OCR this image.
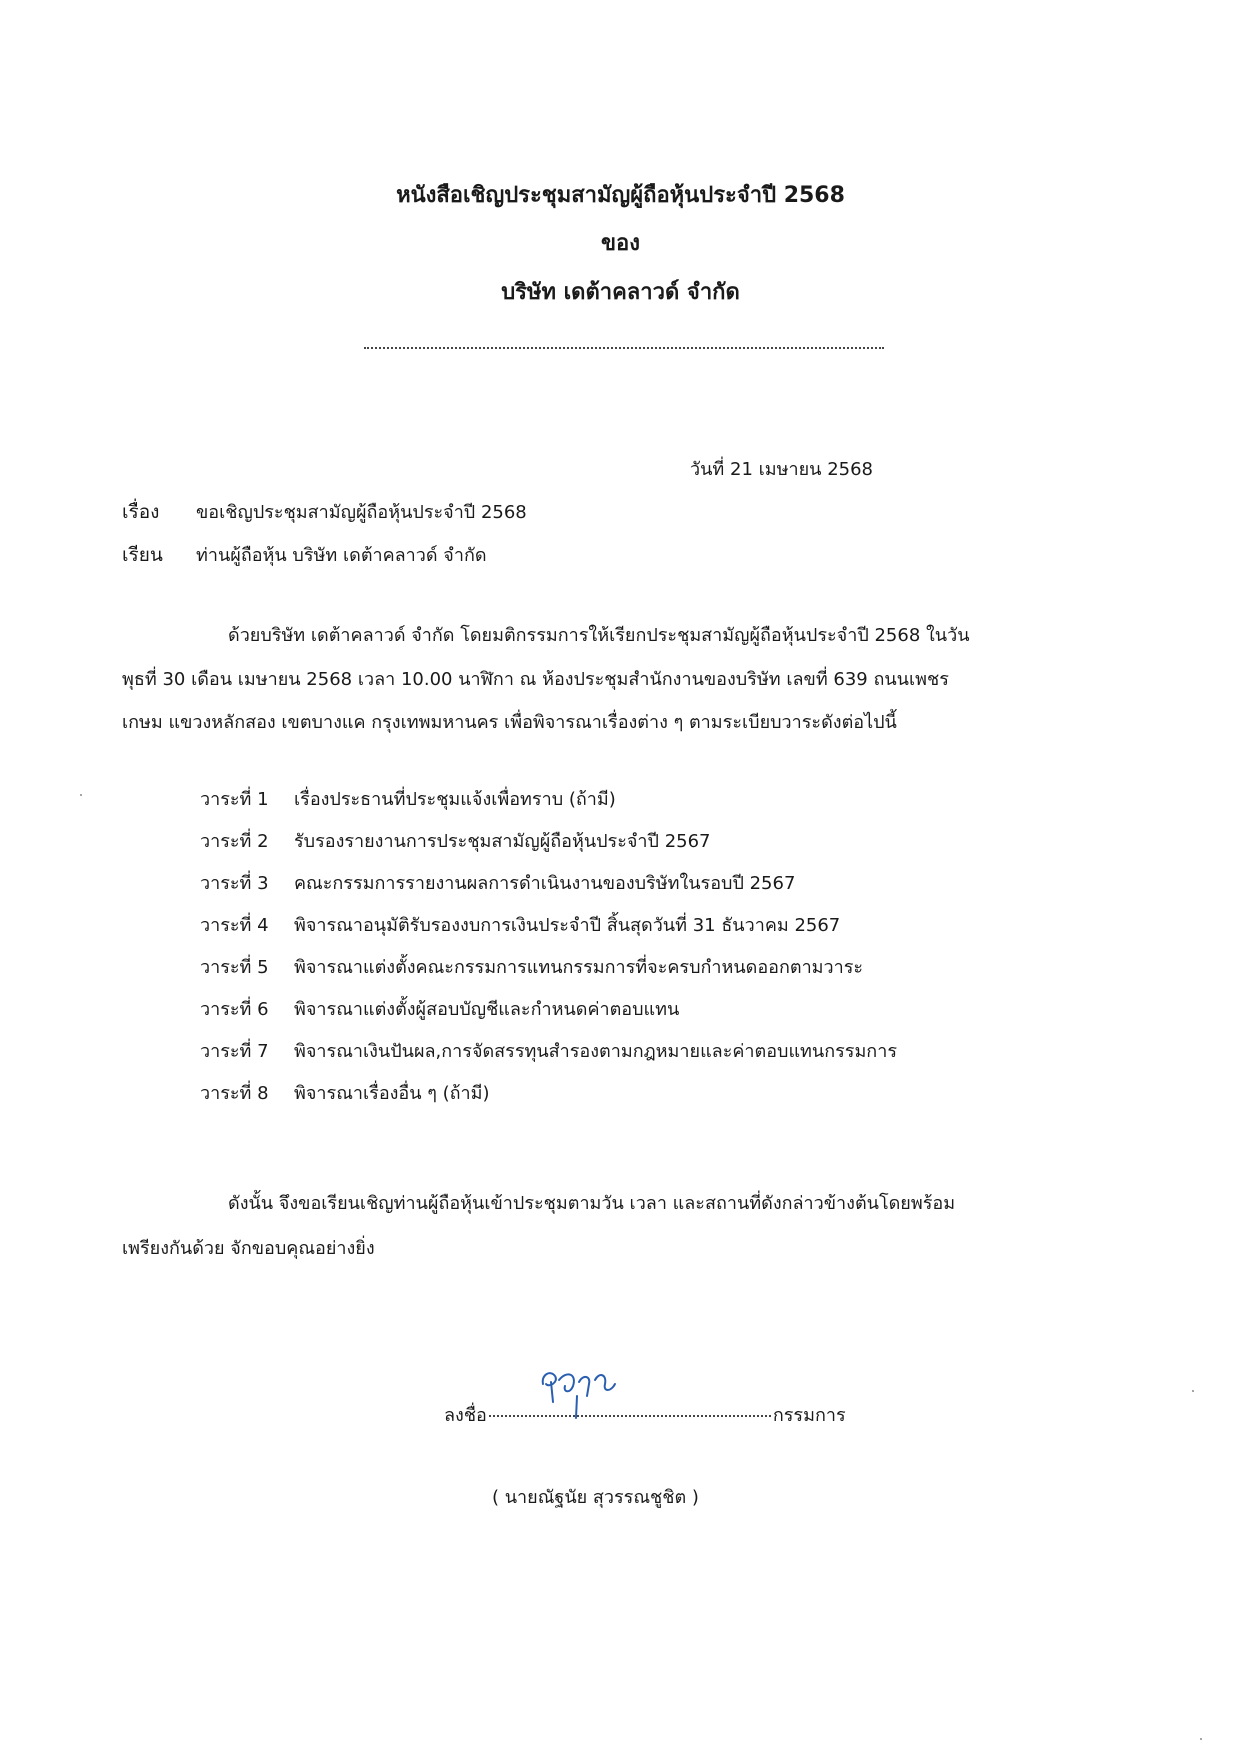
หนังสือเชิญประชุมสามัญผู้ถือหุ้นประจำปี 2568
ของ
บริษัท เดต้าคลาวด์ จำกัด
วันที่ 21 เมษายน 2568
เรื่อง ขอเชิญประชุมสามัญผู้ถือหุ้นประจำปี 2568
เรียน ท่านผู้ถือหุ้น บริษัท เดต้าคลาวด์ จำกัด
ด้วยบริษัท เดต้าคลาวด์ จำกัด โดยมติกรรมการให้เรียกประชุมสามัญผู้ถือหุ้นประจำปี 2568 ในวัน
พุธที่ 30 เดือน เมษายน 2568 เวลา 10.00 นาฬิกา ณ ห้องประชุมสำนักงานของบริษัท เลขที่ 639 ถนนเพชร
เกษม แขวงหลักสอง เขตบางแค กรุงเทพมหานคร เพื่อพิจารณาเรื่องต่าง ๆ ตามระเบียบวาระดังต่อไปนี้
วาระที่ 1 เรื่องประธานที่ประชุมแจ้งเพื่อทราบ (ถ้ามี)
วาระที่ 2 รับรองรายงานการประชุมสามัญผู้ถือหุ้นประจำปี 2567
วาระที่ 3 คณะกรรมการรายงานผลการดำเนินงานของบริษัทในรอบปี 2567
วาระที่ 4 พิจารณาอนุมัติรับรองงบการเงินประจำปี สิ้นสุดวันที่ 31 ธันวาคม 2567
วาระที่ 5 พิจารณาแต่งตั้งคณะกรรมการแทนกรรมการที่จะครบกำหนดออกตามวาระ
วาระที่ 6 พิจารณาแต่งตั้งผู้สอบบัญชีและกำหนดค่าตอบแทน
วาระที่ 7 พิจารณาเงินปันผล,การจัดสรรทุนสำรองตามกฎหมายและค่าตอบแทนกรรมการ
วาระที่ 8 พิจารณาเรื่องอื่น ๆ (ถ้ามี)
ดังนั้น จึงขอเรียนเชิญท่านผู้ถือหุ้นเข้าประชุมตามวัน เวลา และสถานที่ดังกล่าวข้างต้นโดยพร้อม
เพรียงกันด้วย จักขอบคุณอย่างยิ่ง
ลงชื่อ	กรรมการ
( นายณัฐนัย สุวรรณชูชิต )
